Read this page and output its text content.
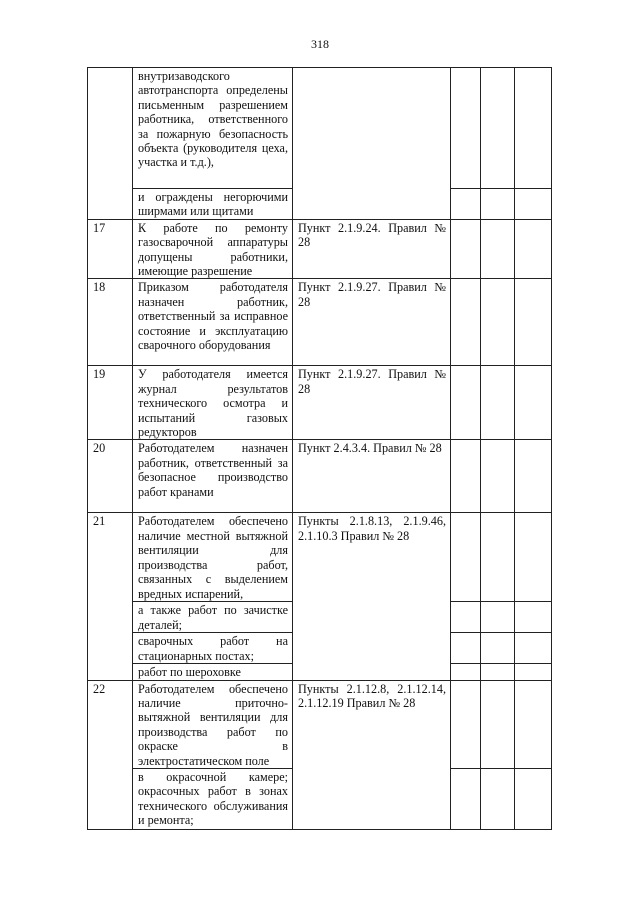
318
	внутризаводского автотранспорта определены письменным разрешением работника, ответственного за пожарную безопасность объекта (руководителя цеха, участка и т.д.),				
	и ограждены негорючими ширмами или щитами				
17	К работе по ремонту газосварочной аппаратуры допущены работники, имеющие разрешение	Пункт 2.1.9.24. Правил № 28			
18	Приказом работодателя назначен работник, ответственный за исправное состояние и эксплуатацию сварочного оборудования	Пункт 2.1.9.27. Правил № 28			
19	У работодателя имеется журнал результатов технического осмотра и испытаний газовых редукторов	Пункт 2.1.9.27. Правил № 28			
20	Работодателем назначен работник, ответственный за безопасное производство работ кранами	Пункт 2.4.3.4. Правил № 28			
21	Работодателем обеспечено наличие местной вытяжной вентиляции для производства работ, связанных с выделением вредных испарений,	Пункты 2.1.8.13, 2.1.9.46, 2.1.10.3 Правил № 28			
	а также работ по зачистке деталей;				
	сварочных работ на стационарных постах;				
	работ по шероховке				
22	Работодателем обеспечено наличие приточно-вытяжной вентиляции для производства работ по окраске в электростатическом поле	Пункты 2.1.12.8, 2.1.12.14, 2.1.12.19 Правил № 28			
	в окрасочной камере; окрасочных работ в зонах технического обслуживания и ремонта;				
